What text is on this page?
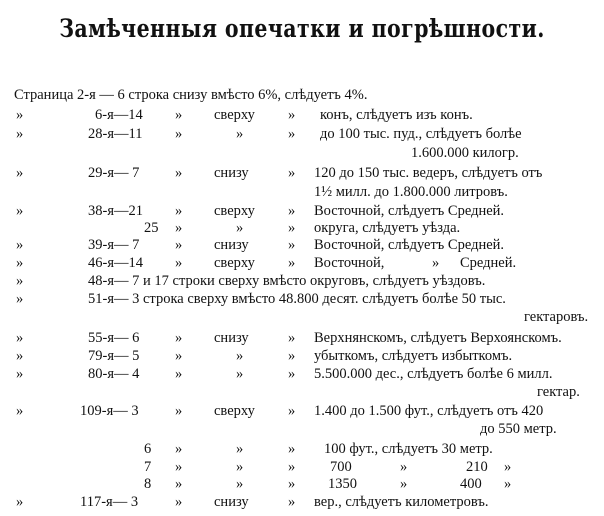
Замѣченныя опечатки и погрѣшности.
Страница 2-я — 6 строка снизу вмѣсто 6%, слѣдуетъ 4%.
»	6-я—14 » сверху » конъ, слѣдуетъ изъ конъ.
»	28-я—11 »	»	» до 100 тыс. пуд., слѣдуетъ болѣе
1.600.000 килогр.
»	29-я— 7 » снизу	» 120 до 150 тыс. ведеръ, слѣдуетъ отъ
1½ милл. до 1.800.000 литровъ.
»	38-я—21 » сверху » Восточной, слѣдуетъ Средней.
25 »	»	» округа, слѣдуетъ уѣзда.
»	39-я— 7 » снизу	» Восточной, слѣдуетъ Средней.
»	46-я—14 » сверху » Восточной,	» Средней.
»	48-я— 7 и 17 строки сверху вмѣсто округовъ, слѣдуетъ уѣздовъ.
»	51-я— 3 строка сверху вмѣсто 48.800 десят. слѣдуетъ болѣе 50 тыс.
гектаровъ.
»	55-я— 6 » снизу	» Верхнянскомъ, слѣдуетъ Верхоянскомъ.
»	79-я— 5 »	»	» убыткомъ, слѣдуетъ избыткомъ.
»	80-я— 4 »	»	» 5.500.000 дес., слѣдуетъ болѣе 6 милл.
гектар.
»	109-я— 3	» сверху » 1.400 до 1.500 фут., слѣдуетъ отъ 420
до 550 метр.
6 »	»	» 100 фут., слѣдуетъ 30 метр.
7 »	»	» 700	»	210 »
8 »	»	» 1350	»	400 »
»	117-я— 3	» снизу	» вер., слѣдуетъ километровъ.
